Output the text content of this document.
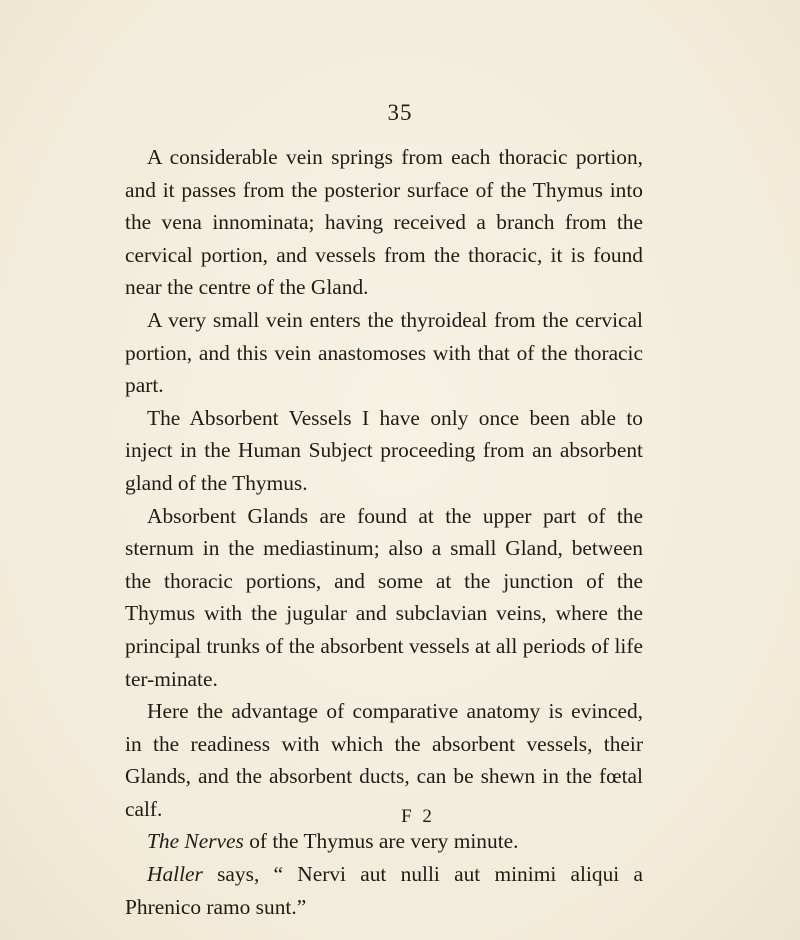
35

A considerable vein springs from each thoracic portion, and it passes from the posterior surface of the Thymus into the vena innominata; having received a branch from the cervical portion, and vessels from the thoracic, it is found near the centre of the Gland.

A very small vein enters the thyroideal from the cervical portion, and this vein anastomoses with that of the thoracic part.

The Absorbent Vessels I have only once been able to inject in the Human Subject proceeding from an absorbent gland of the Thymus.

Absorbent Glands are found at the upper part of the sternum in the mediastinum; also a small Gland, between the thoracic portions, and some at the junction of the Thymus with the jugular and subclavian veins, where the principal trunks of the absorbent vessels at all periods of life ter-minate.

Here the advantage of comparative anatomy is evinced, in the readiness with which the absorbent vessels, their Glands, and the absorbent ducts, can be shewn in the fœtal calf.

The Nerves of the Thymus are very minute.

Haller says, “ Nervi aut nulli aut minimi aliqui a Phrenico ramo sunt.”

F 2
